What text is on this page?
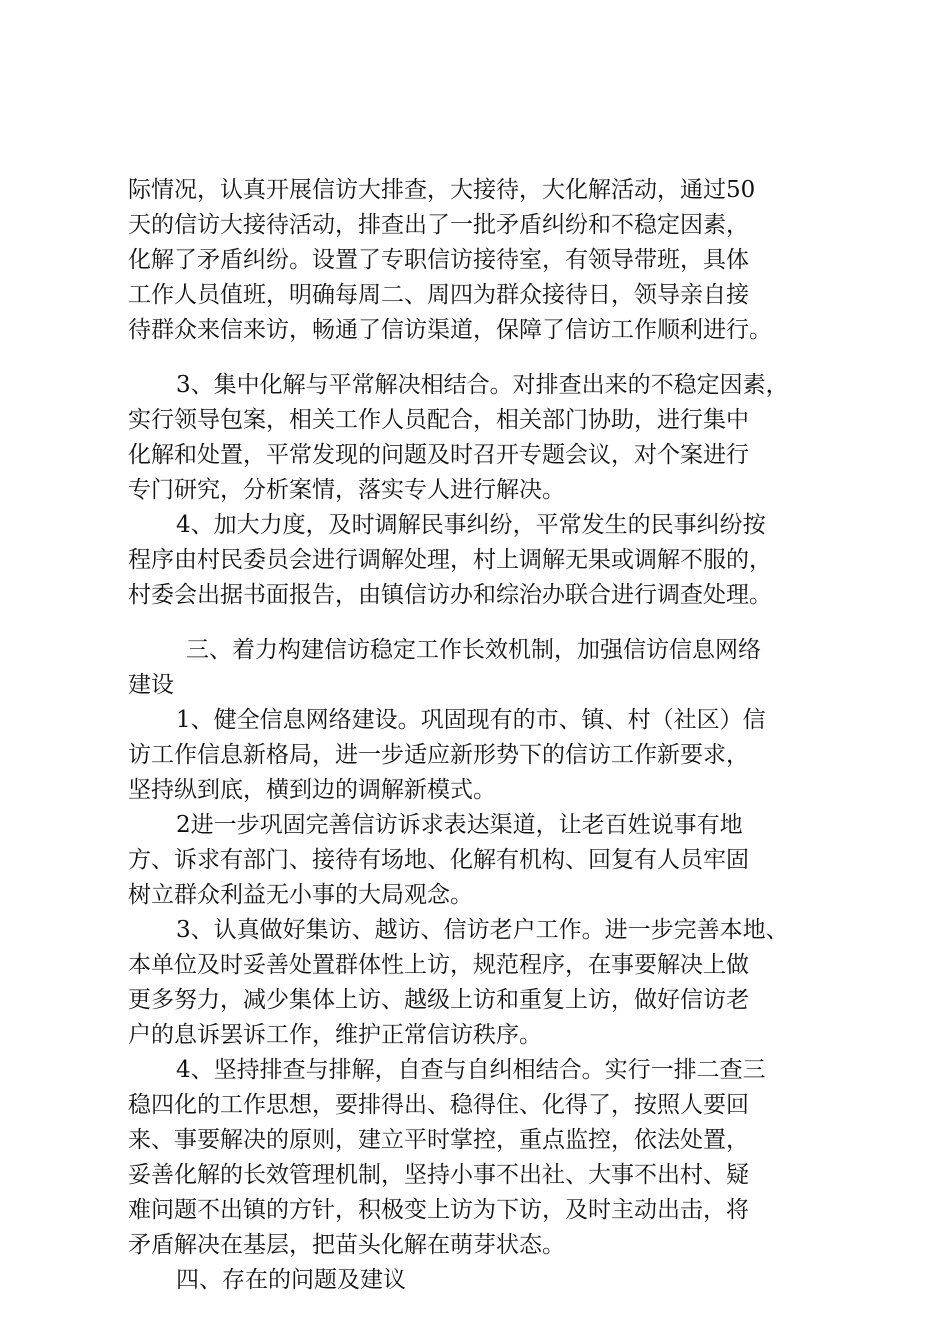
际情况，认真开展信访大排查，大接待，大化解活动，通过50
天的信访大接待活动，排查出了一批矛盾纠纷和不稳定因素，
化解了矛盾纠纷。设置了专职信访接待室，有领导带班，具体
工作人员值班，明确每周二、周四为群众接待日，领导亲自接
待群众来信来访，畅通了信访渠道，保障了信访工作顺利进行。
3、集中化解与平常解决相结合。对排查出来的不稳定因素，
实行领导包案，相关工作人员配合，相关部门协助，进行集中
化解和处置，平常发现的问题及时召开专题会议，对个案进行
专门研究，分析案情，落实专人进行解决。
4、加大力度，及时调解民事纠纷，平常发生的民事纠纷按
程序由村民委员会进行调解处理，村上调解无果或调解不服的，
村委会出据书面报告，由镇信访办和综治办联合进行调查处理。
三、着力构建信访稳定工作长效机制，加强信访信息网络
建设
1、健全信息网络建设。巩固现有的市、镇、村（社区）信
访工作信息新格局，进一步适应新形势下的信访工作新要求，
坚持纵到底，横到边的调解新模式。
2进一步巩固完善信访诉求表达渠道，让老百姓说事有地
方、诉求有部门、接待有场地、化解有机构、回复有人员牢固
树立群众利益无小事的大局观念。
3、认真做好集访、越访、信访老户工作。进一步完善本地、
本单位及时妥善处置群体性上访，规范程序，在事要解决上做
更多努力，减少集体上访、越级上访和重复上访，做好信访老
户的息诉罢诉工作，维护正常信访秩序。
4、坚持排查与排解，自查与自纠相结合。实行一排二查三
稳四化的工作思想，要排得出、稳得住、化得了，按照人要回
来、事要解决的原则，建立平时掌控，重点监控，依法处置，
妥善化解的长效管理机制，坚持小事不出社、大事不出村、疑
难问题不出镇的方针，积极变上访为下访，及时主动出击，将
矛盾解决在基层，把苗头化解在萌芽状态。
四、存在的问题及建议
